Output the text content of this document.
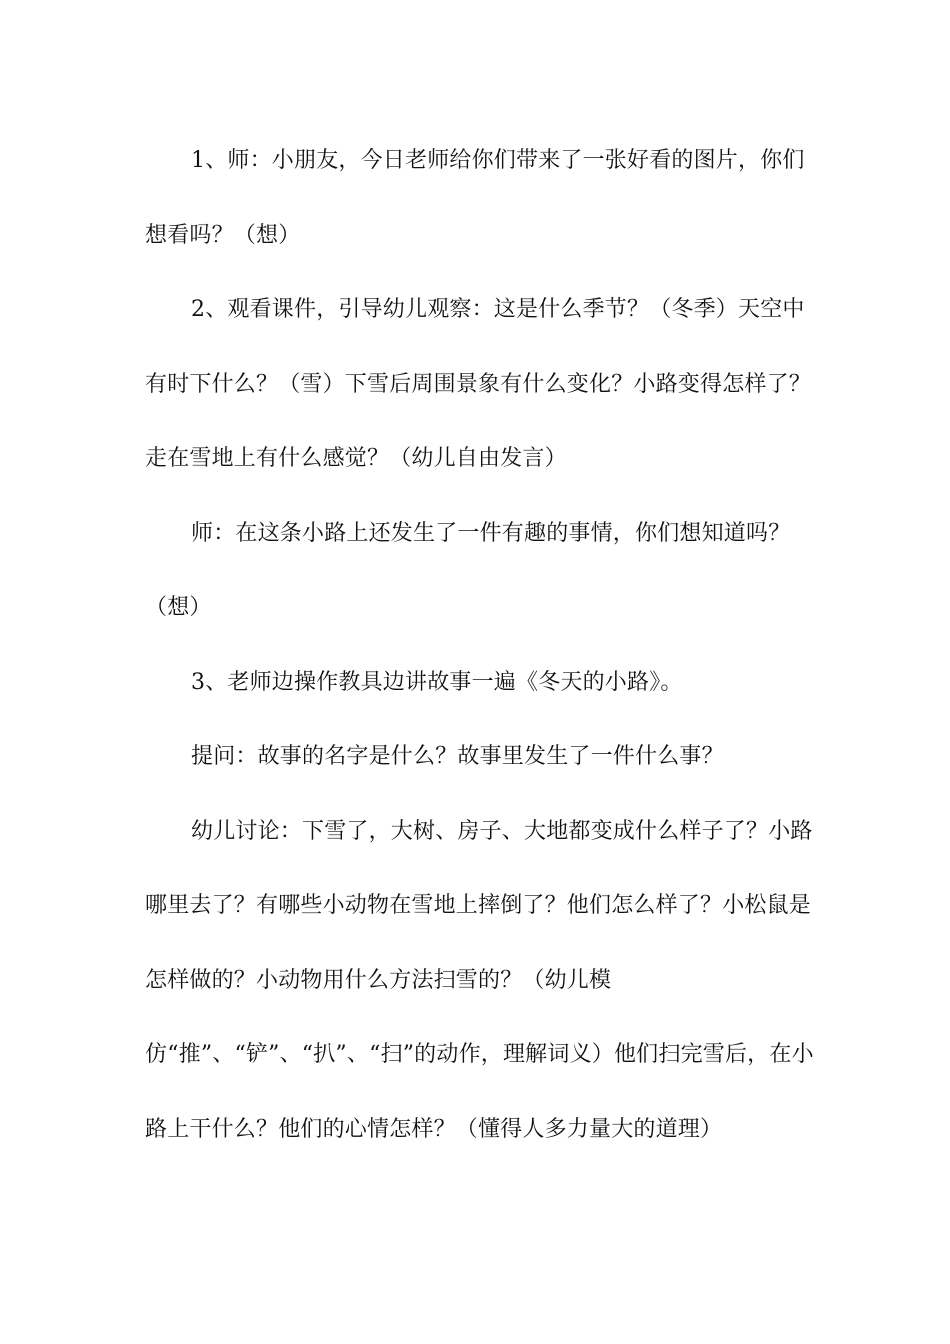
1、师：小朋友，今日老师给你们带来了一张好看的图片，你们想看吗？（想）

2、观看课件，引导幼儿观察：这是什么季节？（冬季）天空中有时下什么？（雪）下雪后周围景象有什么变化？小路变得怎样了？走在雪地上有什么感觉？（幼儿自由发言）

师：在这条小路上还发生了一件有趣的事情，你们想知道吗？（想）

3、老师边操作教具边讲故事一遍《冬天的小路》。

提问：故事的名字是什么？故事里发生了一件什么事？

幼儿讨论：下雪了，大树、房子、大地都变成什么样子了？小路哪里去了？有哪些小动物在雪地上摔倒了？他们怎么样了？小松鼠是怎样做的？小动物用什么方法扫雪的？（幼儿模仿“推”、“铲”、“扒”、“扫”的动作，理解词义）他们扫完雪后，在小路上干什么？他们的心情怎样？（懂得人多力量大的道理）
